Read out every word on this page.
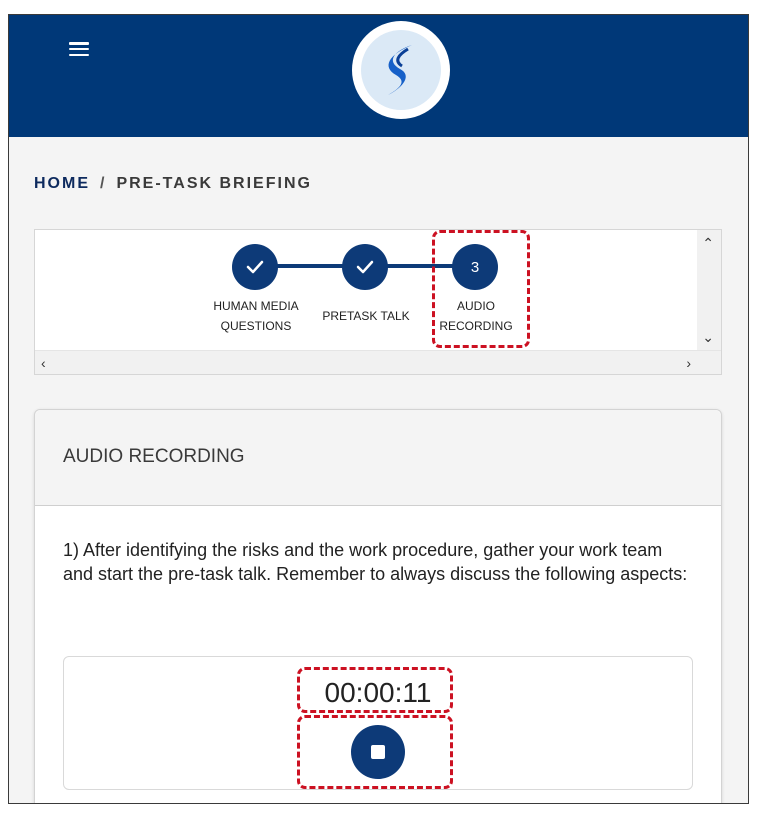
HOME / PRE-TASK BRIEFING
⌃
⌄
‹	›
HUMAN MEDIA
QUESTIONS
PRETASK TALK
3
AUDIO
RECORDING
AUDIO RECORDING
1) After identifying the risks and the work procedure, gather your work team and start the pre-task talk. Remember to always discuss the following aspects:
00:00:11
